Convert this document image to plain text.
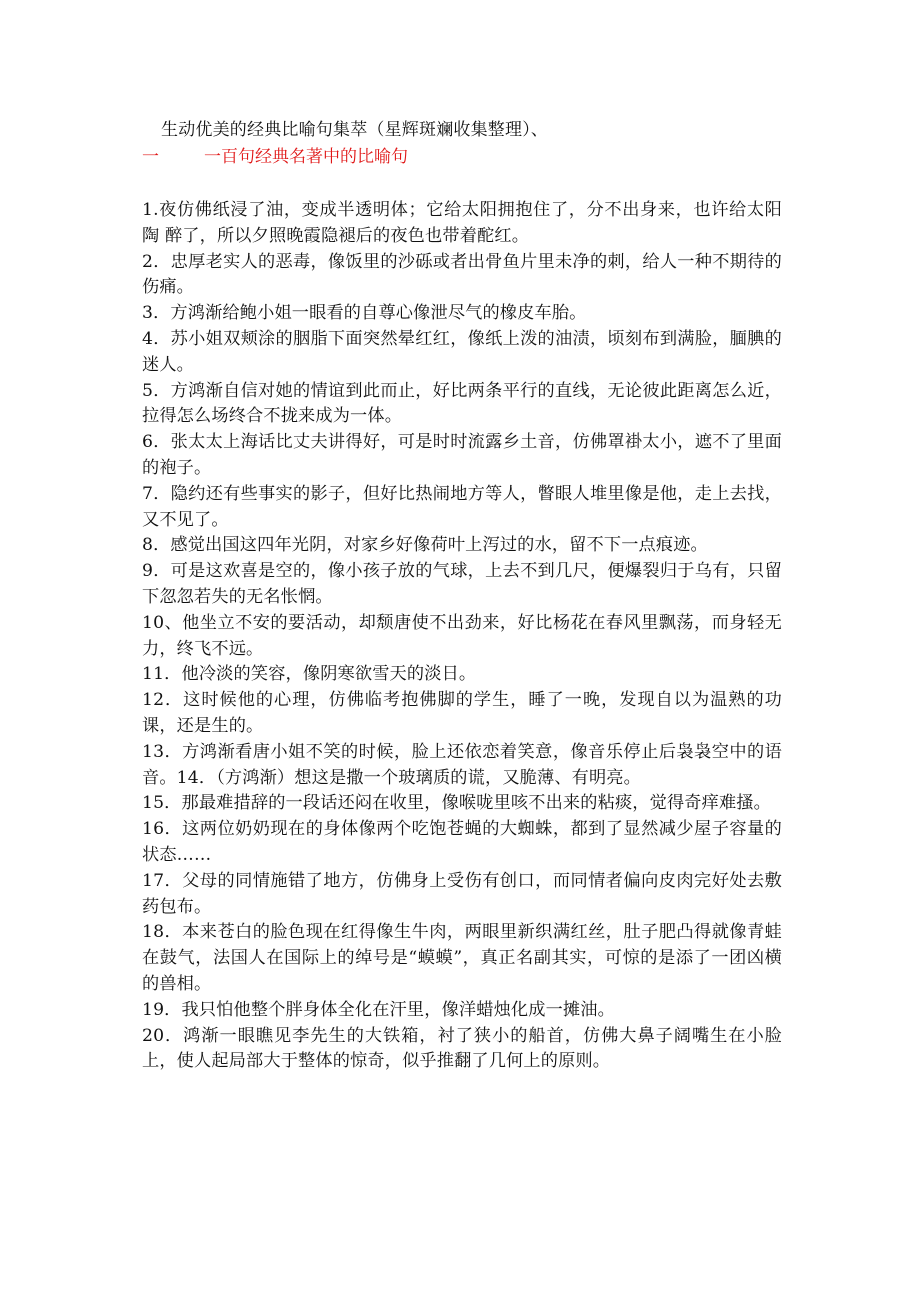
生动优美的经典比喻句集萃（星辉斑斓收集整理）、
一	一百句经典名著中的比喻句

1.夜仿佛纸浸了油，变成半透明体；它给太阳拥抱住了，分不出身来，也许给太阳陶 醉了，所以夕照晚霞隐褪后的夜色也带着酡红。

2．忠厚老实人的恶毒，像饭里的沙砾或者出骨鱼片里未净的刺，给人一种不期待的伤痛。

3．方鸿渐给鲍小姐一眼看的自尊心像泄尽气的橡皮车胎。

4．苏小姐双颊涂的胭脂下面突然晕红红，像纸上泼的油渍，顷刻布到满脸，腼腆的迷人。

5．方鸿渐自信对她的情谊到此而止，好比两条平行的直线，无论彼此距离怎么近，拉得怎么场终合不拢来成为一体。

6．张太太上海话比丈夫讲得好，可是时时流露乡土音，仿佛罩褂太小，遮不了里面的袍子。

7．隐约还有些事实的影子，但好比热闹地方等人，瞥眼人堆里像是他，走上去找，又不见了。

8．感觉出国这四年光阴，对家乡好像荷叶上泻过的水，留不下一点痕迹。

9．可是这欢喜是空的，像小孩子放的气球，上去不到几尺，便爆裂归于乌有，只留下忽忽若失的无名怅惘。

10、他坐立不安的要活动，却颓唐使不出劲来，好比杨花在春风里飘荡，而身轻无力，终飞不远。

11．他冷淡的笑容，像阴寒欲雪天的淡日。

12．这时候他的心理，仿佛临考抱佛脚的学生，睡了一晚，发现自以为温熟的功课，还是生的。

13．方鸿渐看唐小姐不笑的时候，脸上还依恋着笑意，像音乐停止后袅袅空中的语音。14．（方鸿渐）想这是撒一个玻璃质的谎，又脆薄、有明亮。

15．那最难措辞的一段话还闷在收里，像喉咙里咳不出来的粘痰，觉得奇痒难搔。

16．这两位奶奶现在的身体像两个吃饱苍蝇的大蜘蛛，都到了显然减少屋子容量的状态……

17．父母的同情施错了地方，仿佛身上受伤有创口，而同情者偏向皮肉完好处去敷药包布。

18．本来苍白的脸色现在红得像生牛肉，两眼里新织满红丝，肚子肥凸得就像青蛙在鼓气，法国人在国际上的绰号是“蟆蟆”，真正名副其实，可惊的是添了一团凶横的兽相。

19．我只怕他整个胖身体全化在汗里，像洋蜡烛化成一摊油。

20．鸿渐一眼瞧见李先生的大铁箱，衬了狭小的船首，仿佛大鼻子阔嘴生在小脸上，使人起局部大于整体的惊奇，似乎推翻了几何上的原则。
